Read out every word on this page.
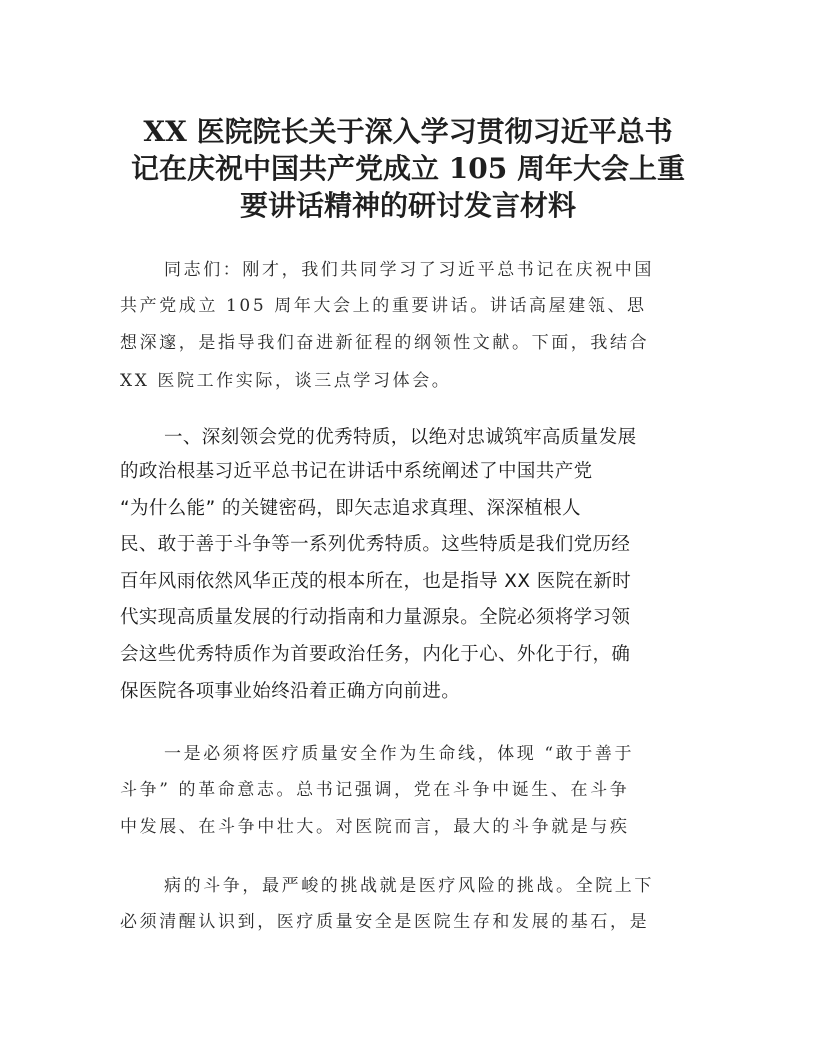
XX 医院院长关于深入学习贯彻习近平总书
记在庆祝中国共产党成立 105 周年大会上重
要讲话精神的研讨发言材料

同志们：刚才，我们共同学习了习近平总书记在庆祝中国

共产党成立 105 周年大会上的重要讲话。讲话高屋建瓴、思

想深邃，是指导我们奋进新征程的纲领性文献。下面，我结合

XX 医院工作实际，谈三点学习体会。

一、深刻领会党的优秀特质，以绝对忠诚筑牢高质量发展

的政治根基习近平总书记在讲话中系统阐述了中国共产党

“为什么能” 的关键密码，即矢志追求真理、深深植根人

民、敢于善于斗争等一系列优秀特质。这些特质是我们党历经

百年风雨依然风华正茂的根本所在，也是指导 XX 医院在新时

代实现高质量发展的行动指南和力量源泉。全院必须将学习领

会这些优秀特质作为首要政治任务，内化于心、外化于行，确

保医院各项事业始终沿着正确方向前进。

一是必须将医疗质量安全作为生命线，体现 “敢于善于

斗争” 的革命意志。总书记强调，党在斗争中诞生、在斗争

中发展、在斗争中壮大。对医院而言，最大的斗争就是与疾

病的斗争，最严峻的挑战就是医疗风险的挑战。全院上下

必须清醒认识到，医疗质量安全是医院生存和发展的基石，是
